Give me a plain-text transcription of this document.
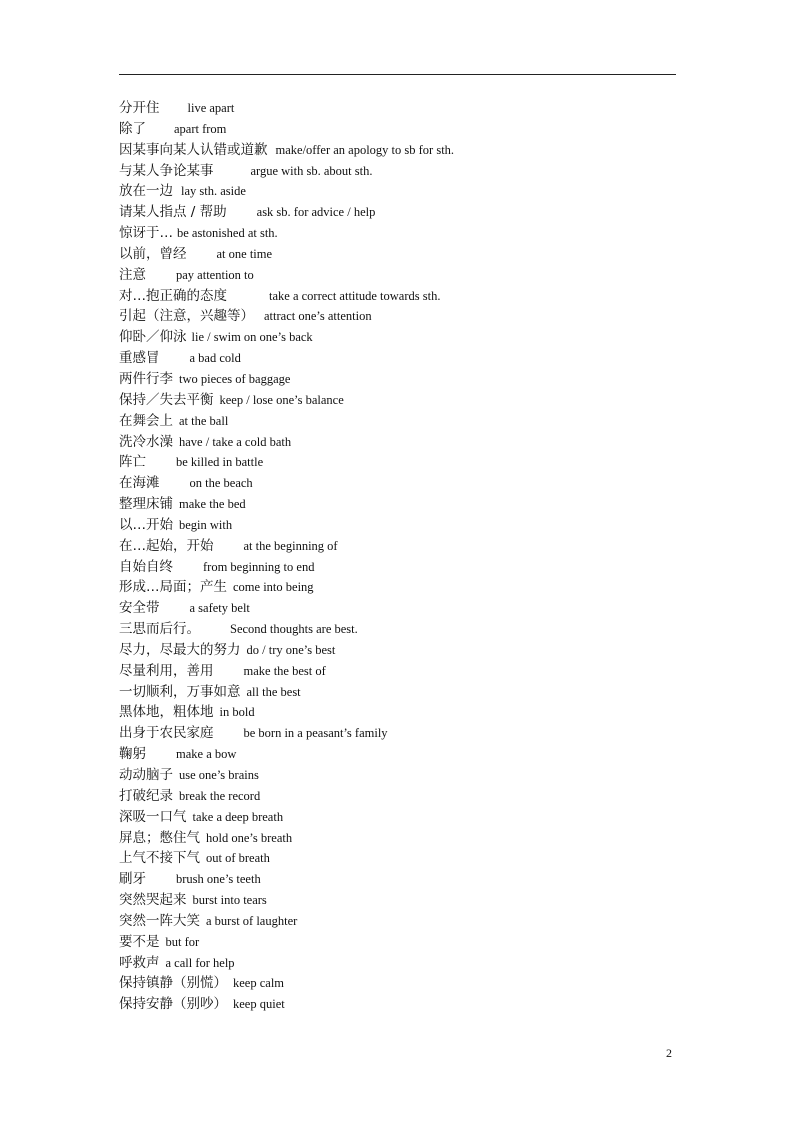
分开住 live apart
除了 apart from
因某事向某人认错或道歉 make/offer an apology to sb for sth.
与某人争论某事	argue with sb. about sth.
放在一边 lay sth. aside
请某人指点 / 帮助 ask sb. for advice / help
惊讶于… be astonished at sth.
以前，曾经 at one time
注意 pay attention to
对…抱正确的态度	take a correct attitude towards sth.
引起（注意，兴趣等） attract one’s attention
仰卧／仰泳 lie / swim on one’s back
重感冒 a bad cold
两件行李 two pieces of baggage
保持／失去平衡 keep / lose one’s balance
在舞会上 at the ball
洗冷水澡 have / take a cold bath
阵亡 be killed in battle
在海滩 on the beach
整理床铺 make the bed
以…开始 begin with
在…起始，开始 at the beginning of
自始自终 from beginning to end
形成…局面；产生 come into being
安全带 a safety belt
三思而后行。 Second thoughts are best.
尽力，尽最大的努力 do / try one’s best
尽量利用，善用 make the best of
一切顺利，万事如意 all the best
黑体地，粗体地 in bold
出身于农民家庭 be born in a peasant’s family
鞠躬 make a bow
动动脑子 use one’s brains
打破纪录 break the record
深吸一口气 take a deep breath
屏息；憋住气 hold one’s breath
上气不接下气 out of breath
刷牙 brush one’s teeth
突然哭起来 burst into tears
突然一阵大笑 a burst of laughter
要不是 but for
呼救声 a call for help
保持镇静（别慌） keep calm
保持安静（别吵） keep quiet
2
